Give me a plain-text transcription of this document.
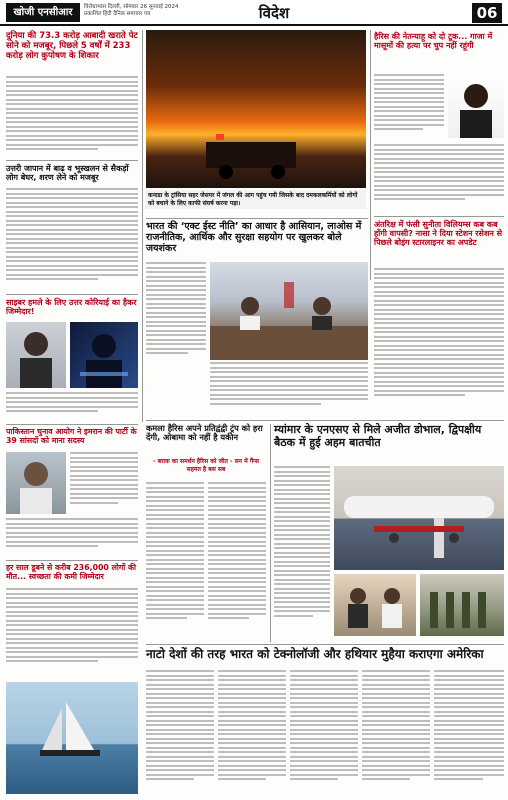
खोजी एनसीआर	विरोधाभास दिल्ली, सोमवार 26 सुनवाई 2024
प्रकाशित हिंदी दैनिक समाचार पत्र	विदेश	06
दुनिया की 73.3 करोड़ आबादी खराते पेट सोने को मजबूर, पिछले 5 वर्षों में 233 करोड़ लोग कुपोषण के शिकार
उत्तरी जापान में बाढ़ व भूस्खलन से सैकड़ों लोग बेघर, शरण लेने को मजबूर
साइबर हमले के लिए उत्तर कोरियाई का हैकर जिम्मेदार!
पाकिस्तान चुनाव आयोग ने इमरान की पार्टी के 39 सांसदों को माना सदस्य
हर साल डूबने से करीब 236,000 लोगों की मौत... स्वच्छता की कमी जिम्मेदार
कनाडा के ट्रांसिया सहर जेसपर में जंगल की आग पहुंच गयी जिसके बाद दमकलकर्मियों को लोगों को बचाने के लिए काफी संघर्ष करना पड़ा।
हैरिस की नेतन्याहू को दो टूक... गाजा में मासूमों की हत्या पर चुप नहीं रहूंगी
भारत की ‘एक्ट ईस्ट नीति’ का आधार है आसियान, लाओस में राजनीतिक, आर्थिक और सुरक्षा सहयोग पर खुलकर बोले जयशंकर
अंतरिक्ष में फंसी सुनीता विलियम्स कब कब होंगी वापसी? नासा ने दिया स्टेशन रसेशन से पिछले बोइंग स्टारलाइनर का अपडेट
कमला हैरिस अपने प्रतिद्वंद्वी ट्रंप को हरा देंगी, ओबामा को नहीं है यकीन
- बराक का समर्थन हैरिस को जीत - सन में गैंग्स सहमत है बस सब
म्यांमार के एनएसए से मिले अजीत डोभाल, द्विपक्षीय बैठक में हुई अहम बातचीत
नाटो देशों की तरह भारत को टेक्नोलॉजी और हथियार मुहैया कराएगा अमेरिका
